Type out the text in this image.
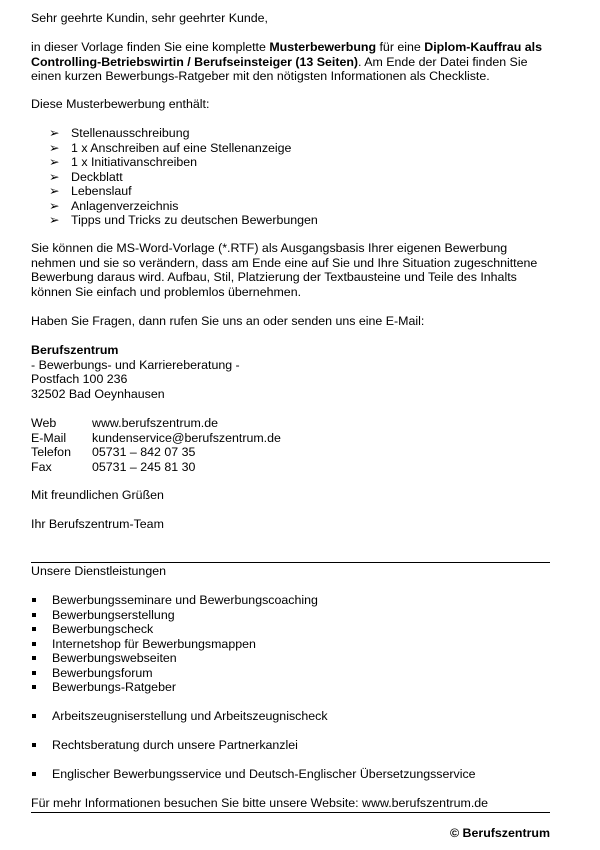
Sehr geehrte Kundin, sehr geehrter Kunde,

in dieser Vorlage finden Sie eine komplette Musterbewerbung für eine Diplom-Kauffrau als Controlling-Betriebswirtin / Berufseinsteiger (13 Seiten). Am Ende der Datei finden Sie einen kurzen Bewerbungs-Ratgeber mit den nötigsten Informationen als Checkliste.

Diese Musterbewerbung enthält:

➢ Stellenausschreibung
➢ 1 x Anschreiben auf eine Stellenanzeige
➢ 1 x Initiativanschreiben
➢ Deckblatt
➢ Lebenslauf
➢ Anlagenverzeichnis
➢ Tipps und Tricks zu deutschen Bewerbungen

Sie können die MS-Word-Vorlage (*.RTF) als Ausgangsbasis Ihrer eigenen Bewerbung nehmen und sie so verändern, dass am Ende eine auf Sie und Ihre Situation zugeschnittene Bewerbung daraus wird. Aufbau, Stil, Platzierung der Textbausteine und Teile des Inhalts können Sie einfach und problemlos übernehmen.

Haben Sie Fragen, dann rufen Sie uns an oder senden uns eine E-Mail:

Berufszentrum
- Bewerbungs- und Karriereberatung -
Postfach 100 236
32502 Bad Oeynhausen
Web	www.berufszentrum.de
E-Mail kundenservice@berufszentrum.de
Telefon 05731 – 842 07 35
Fax	05731 – 245 81 30

Mit freundlichen Grüßen

Ihr Berufszentrum-Team

Unsere Dienstleistungen

Bewerbungsseminare und Bewerbungscoaching
Bewerbungserstellung
Bewerbungscheck
Internetshop für Bewerbungsmappen
Bewerbungswebseiten
Bewerbungsforum
Bewerbungs-Ratgeber
Arbeitszeugniserstellung und Arbeitszeugnischeck
Rechtsberatung durch unsere Partnerkanzlei
Englischer Bewerbungsservice und Deutsch-Englischer Übersetzungsservice

Für mehr Informationen besuchen Sie bitte unsere Website: www.berufszentrum.de

© Berufszentrum
